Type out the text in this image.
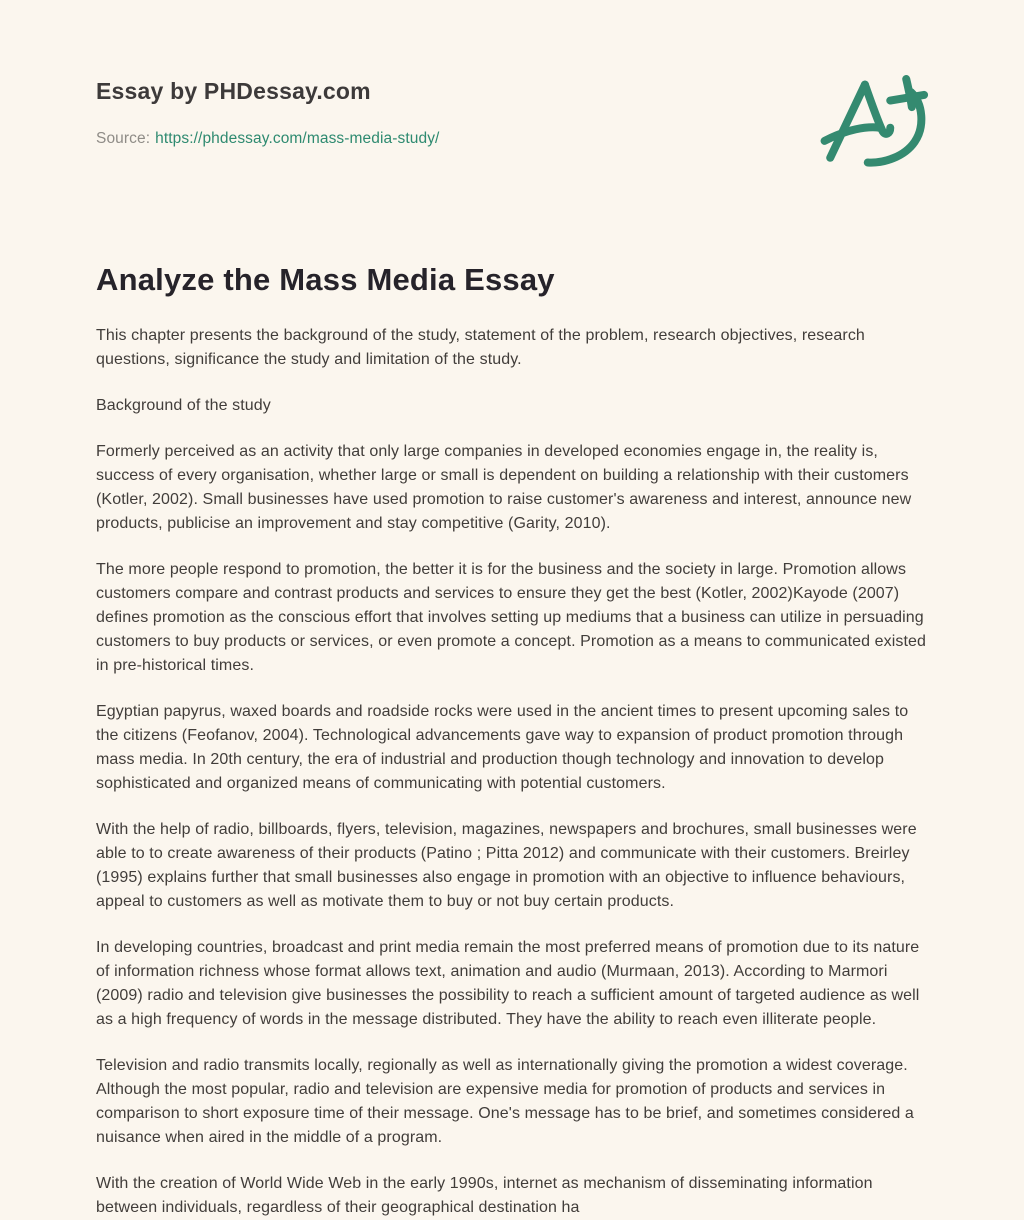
Essay by PHDessay.com
Source: https://phdessay.com/mass-media-study/
Analyze the Mass Media Essay

This chapter presents the background of the study, statement of the problem, research objectives, research questions, significance the study and limitation of the study.

Background of the study

Formerly perceived as an activity that only large companies in developed economies engage in, the reality is, success of every organisation, whether large or small is dependent on building a relationship with their customers (Kotler, 2002). Small businesses have used promotion to raise customer's awareness and interest, announce new products, publicise an improvement and stay competitive (Garity, 2010).

The more people respond to promotion, the better it is for the business and the society in large. Promotion allows customers compare and contrast products and services to ensure they get the best (Kotler, 2002)Kayode (2007) defines promotion as the conscious effort that involves setting up mediums that a business can utilize in persuading customers to buy products or services, or even promote a concept. Promotion as a means to communicated existed in pre-historical times.

Egyptian papyrus, waxed boards and roadside rocks were used in the ancient times to present upcoming sales to the citizens (Feofanov, 2004). Technological advancements gave way to expansion of product promotion through mass media. In 20th century, the era of industrial and production though technology and innovation to develop sophisticated and organized means of communicating with potential customers.

With the help of radio, billboards, flyers, television, magazines, newspapers and brochures, small businesses were able to to create awareness of their products (Patino ; Pitta 2012) and communicate with their customers. Breirley (1995) explains further that small businesses also engage in promotion with an objective to influence behaviours, appeal to customers as well as motivate them to buy or not buy certain products.

In developing countries, broadcast and print media remain the most preferred means of promotion due to its nature of information richness whose format allows text, animation and audio (Murmaan, 2013). According to Marmori (2009) radio and television give businesses the possibility to reach a sufficient amount of targeted audience as well as a high frequency of words in the message distributed. They have the ability to reach even illiterate people.

Television and radio transmits locally, regionally as well as internationally giving the promotion a widest coverage. Although the most popular, radio and television are expensive media for promotion of products and services in comparison to short exposure time of their message. One's message has to be brief, and sometimes considered a nuisance when aired in the middle of a program.

With the creation of World Wide Web in the early 1990s, internet as mechanism of disseminating information between individuals, regardless of their geographical destination ha
